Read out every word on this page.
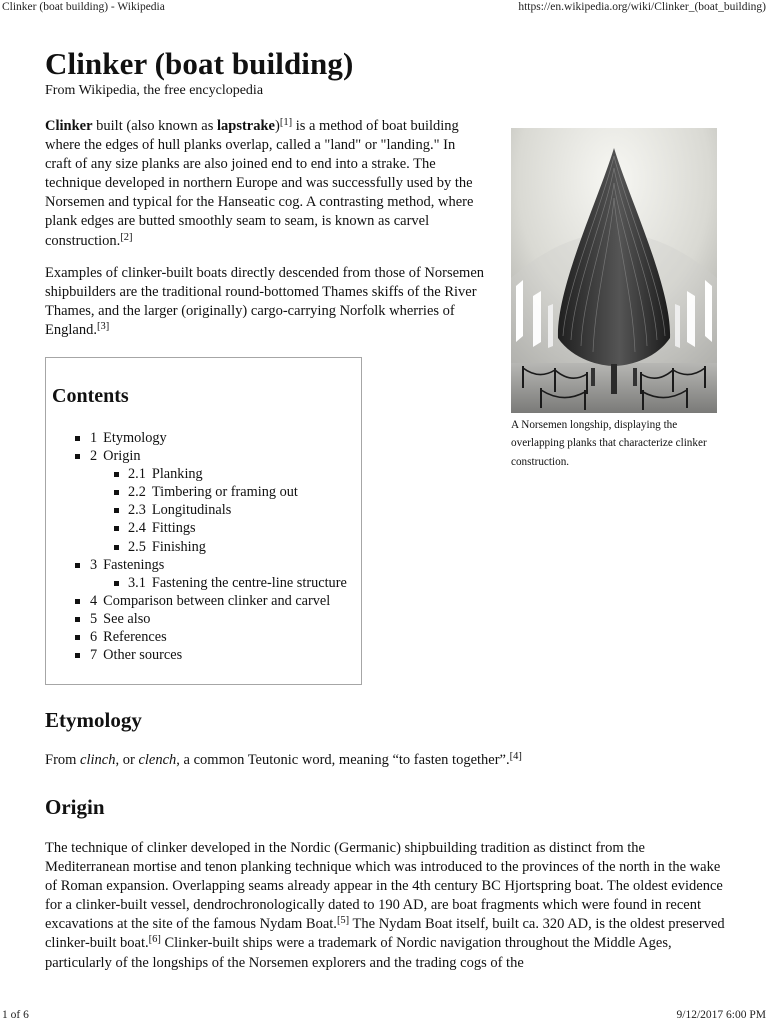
Clinker (boat building) - Wikipedia	https://en.wikipedia.org/wiki/Clinker_(boat_building)
Clinker (boat building)
From Wikipedia, the free encyclopedia

Clinker built (also known as lapstrake)[1] is a method of boat building where the edges of hull planks overlap, called a "land" or "landing." In craft of any size planks are also joined end to end into a strake. The technique developed in northern Europe and was successfully used by the Norsemen and typical for the Hanseatic cog. A contrasting method, where plank edges are butted smoothly seam to seam, is known as carvel construction.[2]

Examples of clinker-built boats directly descended from those of Norsemen shipbuilders are the traditional round-bottomed Thames skiffs of the River Thames, and the larger (originally) cargo-carrying Norfolk wherries of England.[3]

Contents
1 Etymology
2 Origin
2.1 Planking
2.2 Timbering or framing out
2.3 Longitudinals
2.4 Fittings
2.5 Finishing
3 Fastenings
3.1 Fastening the centre-line structure
4 Comparison between clinker and carvel
5 See also
6 References
7 Other sources
Etymology

From clinch, or clench, a common Teutonic word, meaning “to fasten together”.[4]

Origin

The technique of clinker developed in the Nordic (Germanic) shipbuilding tradition as distinct from the Mediterranean mortise and tenon planking technique which was introduced to the provinces of the north in the wake of Roman expansion. Overlapping seams already appear in the 4th century BC Hjortspring boat. The oldest evidence for a clinker-built vessel, dendrochronologically dated to 190 AD, are boat fragments which were found in recent excavations at the site of the famous Nydam Boat.[5] The Nydam Boat itself, built ca. 320 AD, is the oldest preserved clinker-built boat.[6] Clinker-built ships were a trademark of Nordic navigation throughout the Middle Ages, particularly of the longships of the Norsemen explorers and the trading cogs of the

A Norsemen longship, displaying the overlapping planks that characterize clinker construction.
1 of 6	9/12/2017 6:00 PM
